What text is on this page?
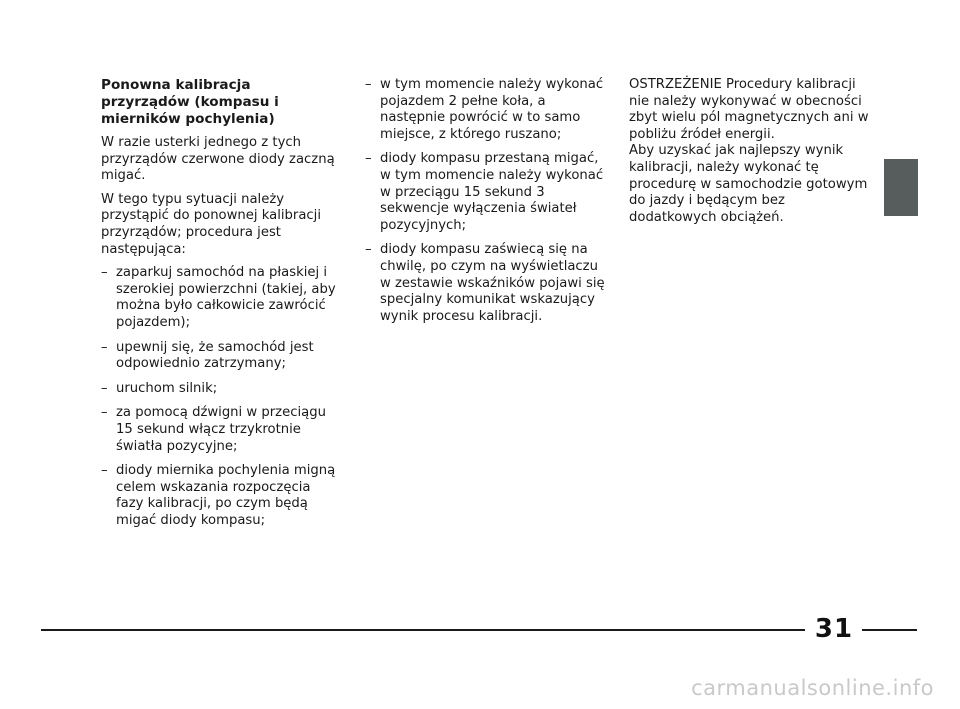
Ponowna kalibracja przyrządów (kompasu i mierników pochylenia)
W razie usterki jednego z tych przyrządów czerwone diody zaczną migać.
W tego typu sytuacji należy przystąpić do ponownej kalibracji przyrządów; procedura jest następująca:
– zaparkuj samochód na płaskiej i szerokiej powierzchni (takiej, aby można było całkowicie zawrócić pojazdem);
– upewnij się, że samochód jest odpowiednio zatrzymany;
– uruchom silnik;
– za pomocą dźwigni w przeciągu 15 sekund włącz trzykrotnie światła pozycyjne;
– diody miernika pochylenia migną celem wskazania rozpoczęcia fazy kalibracji, po czym będą migać diody kompasu;
– w tym momencie należy wykonać pojazdem 2 pełne koła, a następnie powrócić w to samo miejsce, z którego ruszano;
– diody kompasu przestaną migać, w tym momencie należy wykonać w przeciągu 15 sekund 3 sekwencje wyłączenia świateł pozycyjnych;
– diody kompasu zaświecą się na chwilę, po czym na wyświetlaczu w zestawie wskaźników pojawi się specjalny komunikat wskazujący wynik procesu kalibracji.
OSTRZEŻENIE Procedury kalibracji nie należy wykonywać w obecności zbyt wielu pól magnetycznych ani w pobliżu źródeł energii.
Aby uzyskać jak najlepszy wynik kalibracji, należy wykonać tę procedurę w samochodzie gotowym do jazdy i będącym bez dodatkowych obciążeń.
31
carmanualsonline.info
